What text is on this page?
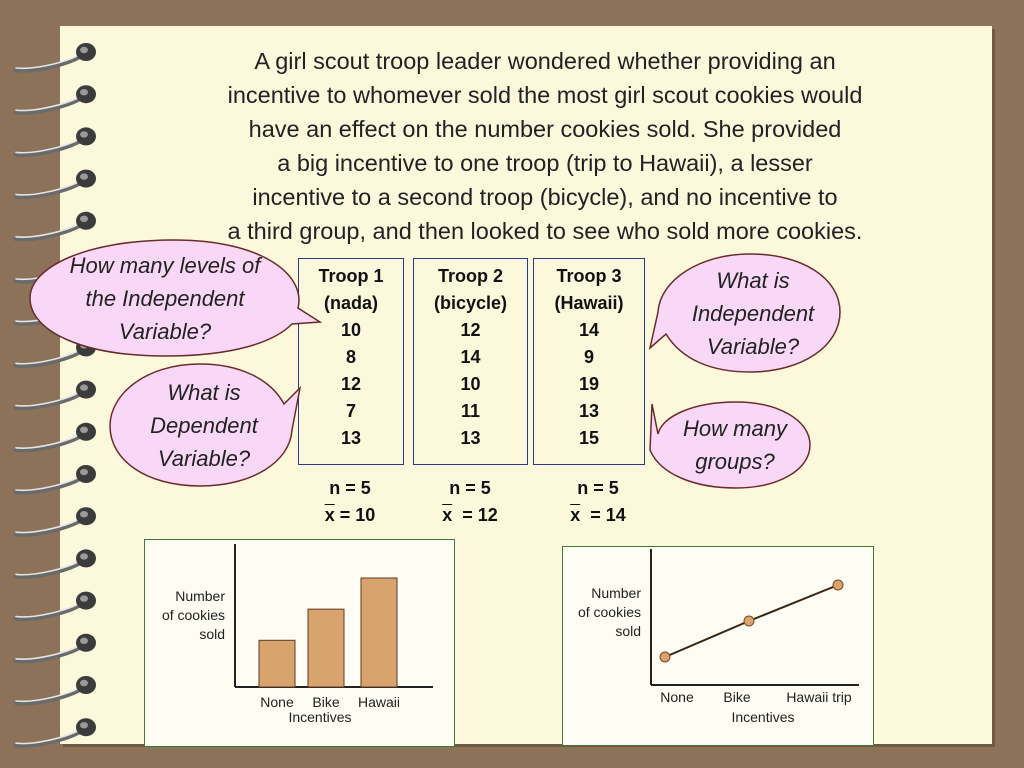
A girl scout troop leader wondered whether providing an
incentive to whomever sold the most girl scout cookies would
have an effect on the number cookies sold. She provided
a big incentive to one troop (trip to Hawaii), a lesser
incentive to a second troop (bicycle), and no incentive to
a third group, and then looked to see who sold more cookies.

Troop 1
(nada)
10
8
12
7
13
Troop 2
(bicycle)
12
14
10
11
13
Troop 3
(Hawaii)
14
9
19
13
15
n = 5
$\overline{x} = 10$
n = 5
$\overline{x} = 12$
n = 5
$\overline{x} = 14$
How many levels of the Independent Variable?
What is Dependent Variable?
What is Independent Variable?
How many groups?
None Bike Hawaii
Number of cookies sold
Incentives
None Bike	Hawaii trip
Number of cookies sold
Incentives
